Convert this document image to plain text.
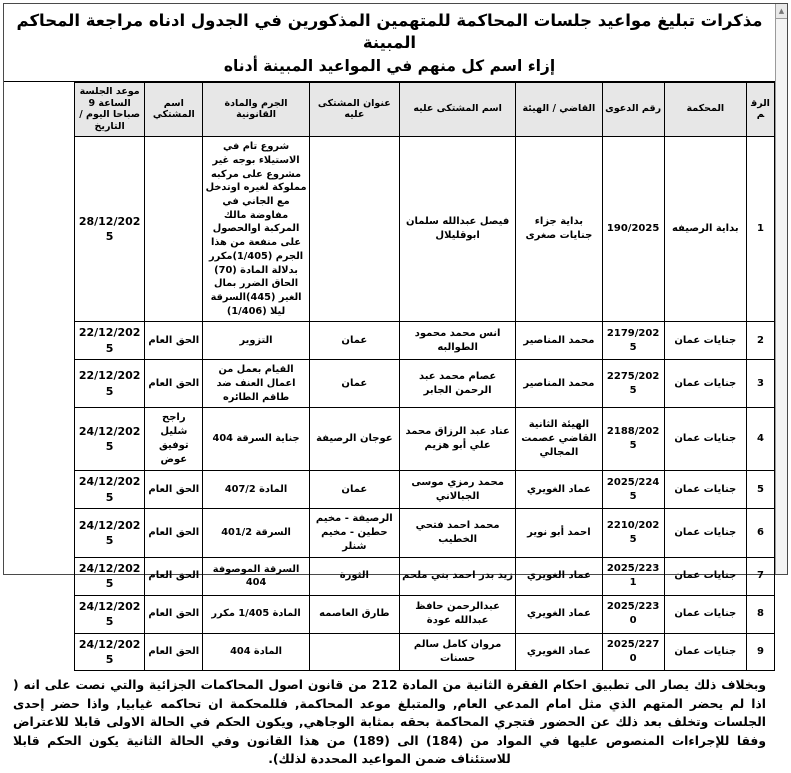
▲
مذكرات تبليغ مواعيد جلسات المحاكمة للمتهمين المذكورين في الجدول ادناه مراجعة المحاكم المبينة
إزاء اسم كل منهم في المواعيد المبينة أدناه
الرقم	المحكمة	رقم الدعوى	القاضي / الهيئة	اسم المشتكى عليه	عنوان المشتكى عليه	الجرم والمادة القانونية	اسم المشتكي	موعد الجلسة الساعة 9 صباحا اليوم / التاريخ
1	بداية الرصيفه	190/2025	بداية جزاء جنايات صغرى	فيصل عبدالله سلمان ابوقليلال		شروع تام في الاستيلاء بوجه غير مشروع على مركبه مملوكة لغيره اوتدخل مع الجاني في مفاوضة مالك المركبة اوالحصول على منفعة من هذا الجرم (1/405)مكرر بدلالة المادة (70) الحاق الضرر بمال الغير (445)السرقة ليلا (1/406)		28/12/2025
2	جنايات عمان	2179/2025	محمد المناصير	انس محمد محمود الطوالبه	عمان	التزوير	الحق العام	22/12/2025
3	جنايات عمان	2275/2025	محمد المناصير	عصام محمد عبد الرحمن الجابر	عمان	القيام بعمل من اعمال العنف ضد طاقم الطائره	الحق العام	22/12/2025
4	جنايات عمان	2188/2025	الهيئة الثانية القاضي عصمت المجالي	عناد عبد الرزاق محمد علي أبو هزيم	عوجان الرصيفة	جناية السرقة 404	راجح شليل توفيق عوض	24/12/2025
5	جنايات عمان	2025/2245	عماد الغويري	محمد رمزي موسى الجبالاني	عمان	المادة 407/2	الحق العام	24/12/2025
6	جنايات عمان	2210/2025	احمد أبو نوير	محمد احمد فتحي الخطيب	الرصيفة - مخيم حطين - مخيم شنلر	السرقة 401/2	الحق العام	24/12/2025
7	جنايات عمان	2025/2231	عماد الغويري	زيد بدر احمد بني ملحم	الثورة	السرقة الموصوفة 404	الحق العام	24/12/2025
8	جنايات عمان	2025/2230	عماد الغويري	عبدالرحمن حافظ عبدالله عودة	طارق العاصمه	المادة 1/405 مكرر	الحق العام	24/12/2025
9	جنايات عمان	2025/2270	عماد الغويري	مروان كامل سالم حسنات		المادة 404	الحق العام	24/12/2025
وبخلاف ذلك يصار الى تطبيق احكام الفقرة الثانية من المادة 212 من قانون اصول المحاكمات الجزائية والتي نصت على انه ( اذا لم يحضر المتهم الذي مثل امام المدعي العام, والمتبلغ موعد المحاكمة, فللمحكمة ان تحاكمه غيابيا, واذا حضر إحدى الجلسات وتخلف بعد ذلك عن الحضور فتجري المحاكمة بحقه بمثابة الوجاهي, ويكون الحكم في الحالة الاولى قابلا للاعتراض وفقا للإجراءات المنصوص عليها في المواد من (184) الى (189) من هذا القانون وفي الحالة الثانية يكون الحكم قابلا للاستئناف ضمن المواعيد المحددة لذلك).
